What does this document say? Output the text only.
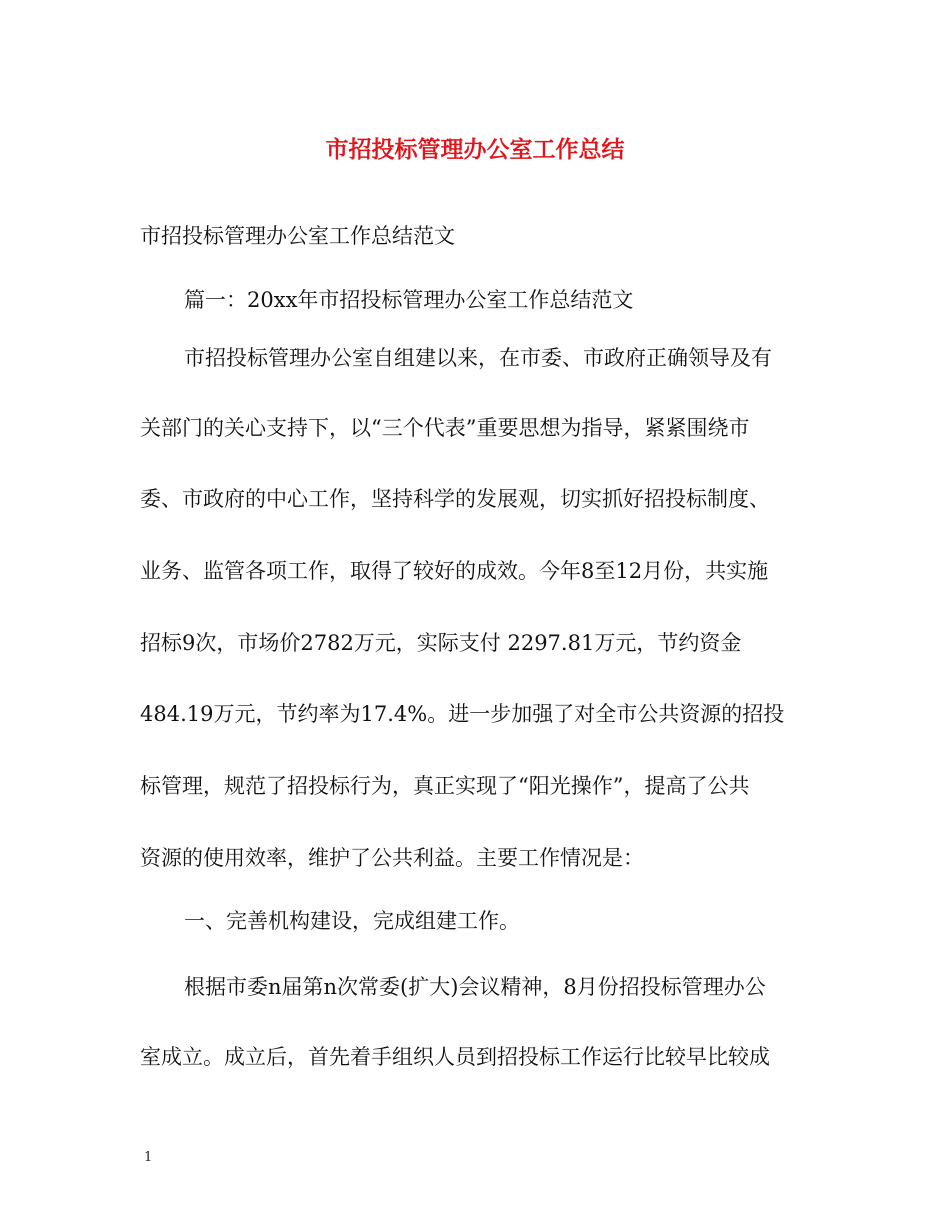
市招投标管理办公室工作总结
市招投标管理办公室工作总结范文
篇一：20xx年市招投标管理办公室工作总结范文
市招投标管理办公室自组建以来，在市委、市政府正确领导及有
关部门的关心支持下，以“三个代表”重要思想为指导，紧紧围绕市
委、市政府的中心工作，坚持科学的发展观，切实抓好招投标制度、
业务、监管各项工作，取得了较好的成效。今年8至12月份，共实施
招标9次，市场价2782万元，实际支付 2297.81万元，节约资金
484.19万元，节约率为17.4%。进一步加强了对全市公共资源的招投
标管理，规范了招投标行为，真正实现了“阳光操作”，提高了公共
资源的使用效率，维护了公共利益。主要工作情况是：
一、完善机构建设，完成组建工作。
根据市委n届第n次常委(扩大)会议精神，8月份招投标管理办公
室成立。成立后，首先着手组织人员到招投标工作运行比较早比较成
1
